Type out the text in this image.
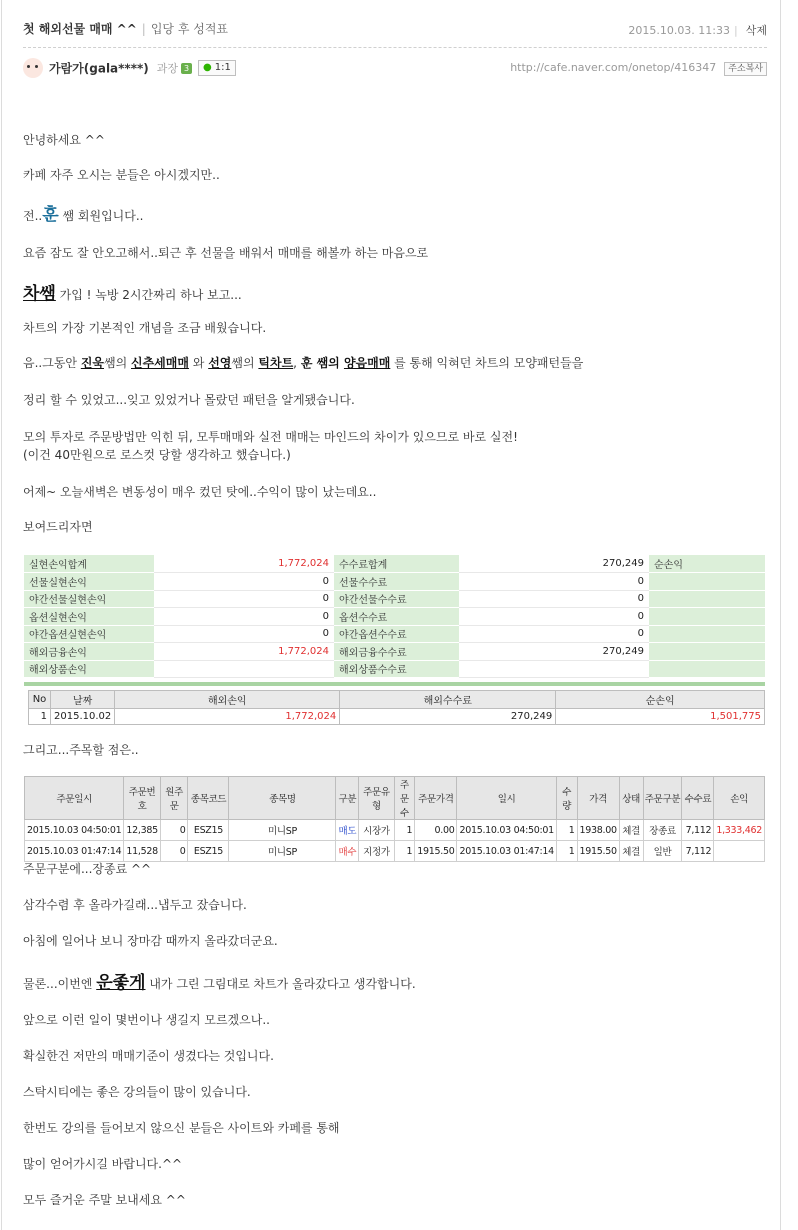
첫 해외선물 매매 ^^ | 입당 후 성적표	2015.10.03. 11:33 | 삭제
가람가(gala****) 과장 3 ● 1:1	http://cafe.naver.com/onetop/416347 주소복사
안녕하세요 ^^
카페 자주 오시는 분들은 아시겠지만..
전..훈 쌤 회원입니다..
요즘 잠도 잘 안오고해서..퇴근 후 선물을 배워서 매매를 해볼까 하는 마음으로
차쌤 가입 ! 녹방 2시간짜리 하나 보고...
차트의 가장 기본적인 개념을 조금 배웠습니다.
음..그동안 진욱쌤의 신추세매매 와 선영쌤의 틱차트, 훈 쌤의 양음매매 를 통해 익혀던 차트의 모양패턴들을
정리 할 수 있었고...잊고 있었거나 몰랐던 패턴을 알게됐습니다.
모의 투자로 주문방법만 익힌 뒤, 모투매매와 실전 매매는 마인드의 차이가 있으므로 바로 실전!
(이건 40만원으로 로스컷 당할 생각하고 했습니다.)
어제~ 오늘새벽은 변동성이 매우 컸던 탓에..수익이 많이 났는데요..
보여드리자면
실현손익합계	1,772,024	수수료합계	270,249	순손익
선물실현손익	0	선물수수료	0	
야간선물실현손익	0	야간선물수수료	0	
옵션실현손익	0	옵션수수료	0	
야간옵션실현손익	0	야간옵션수수료	0	
해외금융손익	1,772,024	해외금융수수료	270,249	
해외상품손익		해외상품수수료		
No	날짜	해외손익	해외수수료	순손익
1	2015.10.02	1,772,024	270,249	1,501,775
그리고...주목할 점은..
주문일시	주문번호	원주문	종목코드	종목명	구분	주문유형	주문수	주문가격	일시	수량	가격	상태	주문구분	수수료	손익
2015.10.03 04:50:01	12,385	0	ESZ15	미니SP	매도	시장가	1	0.00	2015.10.03 04:50:01	1	1938.00	체결	장종료	7,112	1,333,462
2015.10.03 01:47:14	11,528	0	ESZ15	미니SP	매수	지정가	1	1915.50	2015.10.03 01:47:14	1	1915.50	체결	일반	7,112	
주문구분에...장종료 ^^
삼각수렴 후 올라가길래...냅두고 잤습니다.
아침에 일어나 보니 장마감 때까지 올라갔더군요.
물론...이번엔 운좋게 내가 그린 그림대로 차트가 올라갔다고 생각합니다.
앞으로 이런 일이 몇번이나 생길지 모르겠으나..
확실한건 저만의 매매기준이 생겼다는 것입니다.
스탁시티에는 좋은 강의들이 많이 있습니다.
한번도 강의를 들어보지 않으신 분들은 사이트와 카페를 통해
많이 얻어가시길 바랍니다.^^
모두 즐거운 주말 보내세요 ^^
